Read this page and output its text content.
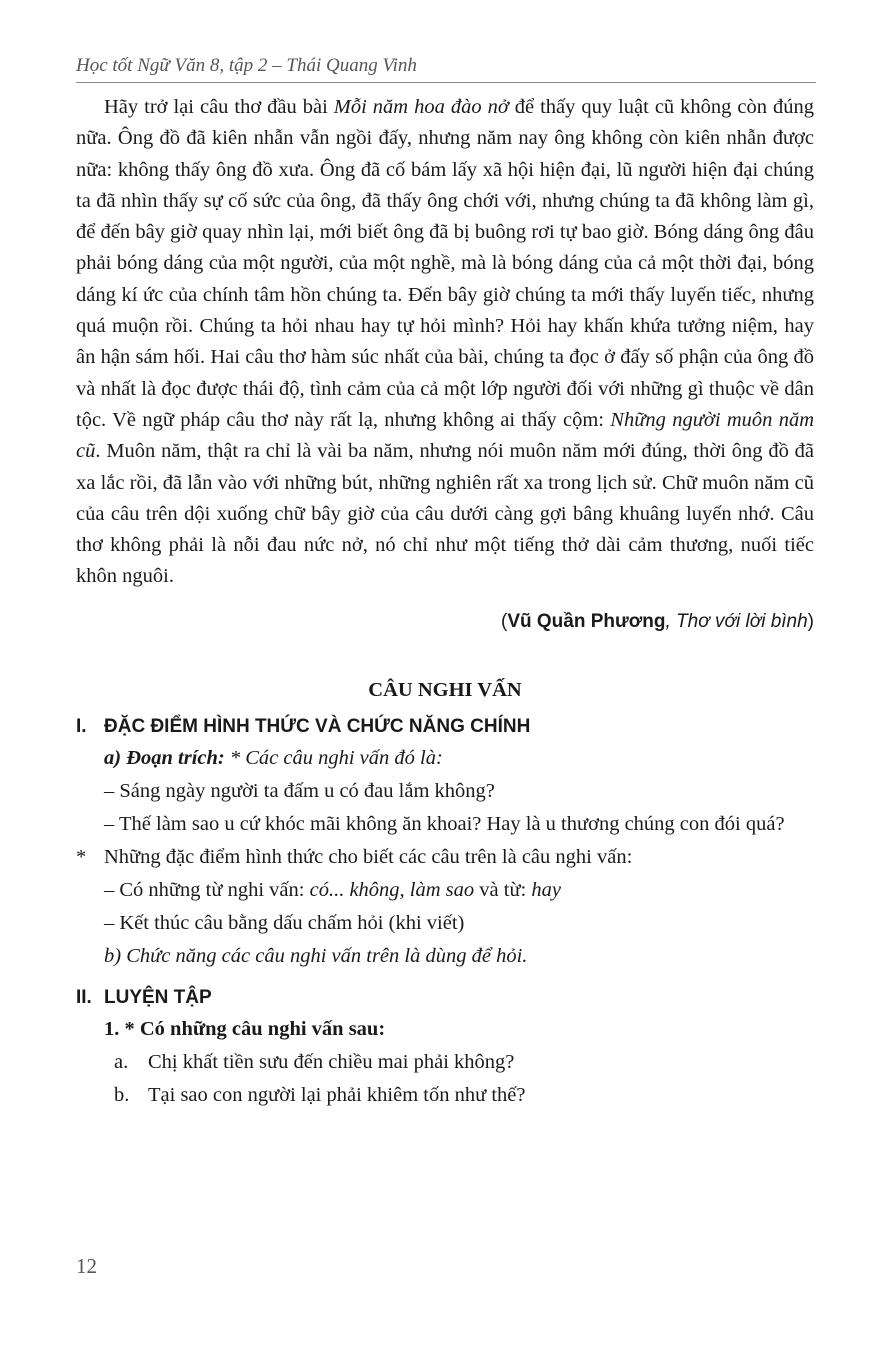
Học tốt Ngữ Văn 8, tập 2 – Thái Quang Vinh

Hãy trở lại câu thơ đầu bài Mỗi năm hoa đào nở để thấy quy luật cũ không còn đúng nữa. Ông đồ đã kiên nhẫn vẫn ngồi đấy, nhưng năm nay ông không còn kiên nhẫn được nữa: không thấy ông đồ xưa. Ông đã cố bám lấy xã hội hiện đại, lũ người hiện đại chúng ta đã nhìn thấy sự cố sức của ông, đã thấy ông chới với, nhưng chúng ta đã không làm gì, để đến bây giờ quay nhìn lại, mới biết ông đã bị buông rơi tự bao giờ. Bóng dáng ông đâu phải bóng dáng của một người, của một nghề, mà là bóng dáng của cả một thời đại, bóng dáng kí ức của chính tâm hồn chúng ta. Đến bây giờ chúng ta mới thấy luyến tiếc, nhưng quá muộn rồi. Chúng ta hỏi nhau hay tự hỏi mình? Hỏi hay khấn khứa tưởng niệm, hay ân hận sám hối. Hai câu thơ hàm súc nhất của bài, chúng ta đọc ở đấy số phận của ông đồ và nhất là đọc được thái độ, tình cảm của cả một lớp người đối với những gì thuộc về dân tộc. Về ngữ pháp câu thơ này rất lạ, nhưng không ai thấy cộm: Những người muôn năm cũ. Muôn năm, thật ra chỉ là vài ba năm, nhưng nói muôn năm mới đúng, thời ông đồ đã xa lắc rồi, đã lẫn vào với những bút, những nghiên rất xa trong lịch sử. Chữ muôn năm cũ của câu trên dội xuống chữ bây giờ của câu dưới càng gợi bâng khuâng luyến nhớ. Câu thơ không phải là nỗi đau nức nở, nó chỉ như một tiếng thở dài cảm thương, nuối tiếc khôn nguôi.

(Vũ Quần Phương, Thơ với lời bình)
CÂU NGHI VẤN
I. ĐẶC ĐIỂM HÌNH THỨC VÀ CHỨC NĂNG CHÍNH

a) Đoạn trích: * Các câu nghi vấn đó là:

– Sáng ngày người ta đấm u có đau lắm không?

– Thế làm sao u cứ khóc mãi không ăn khoai? Hay là u thương chúng con đói quá?

* Những đặc điểm hình thức cho biết các câu trên là câu nghi vấn:

– Có những từ nghi vấn: có... không, làm sao và từ: hay

– Kết thúc câu bằng dấu chấm hỏi (khi viết)

b) Chức năng các câu nghi vấn trên là dùng để hỏi.

II. LUYỆN TẬP

1. * Có những câu nghi vấn sau:

a. Chị khất tiền sưu đến chiều mai phải không?

b. Tại sao con người lại phải khiêm tốn như thế?

12
